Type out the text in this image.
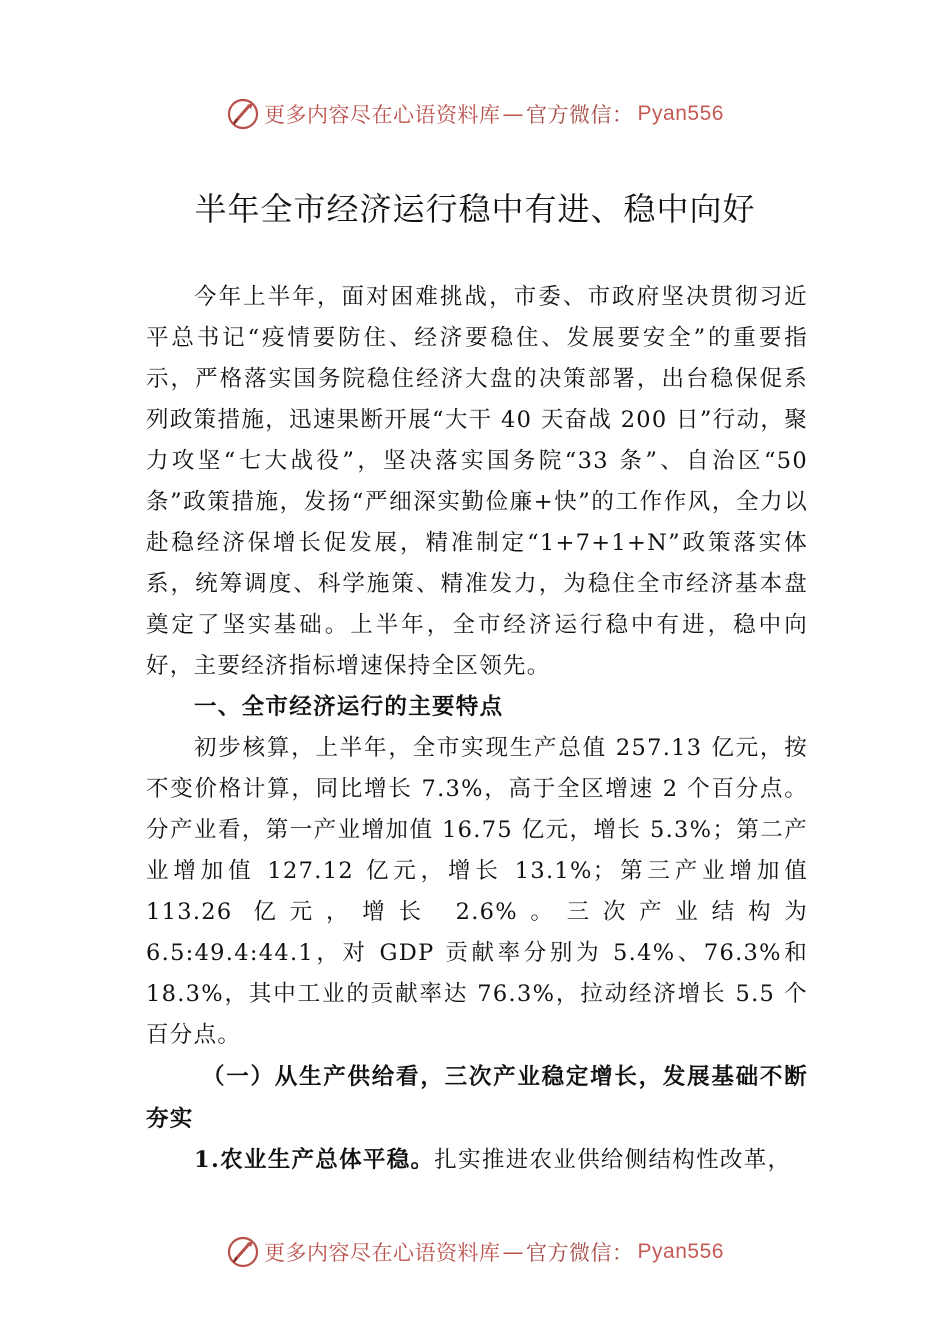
更多内容尽在心语资料库 — 官方微信： Pyan556
半年全市经济运行稳中有进、稳中向好

今年上半年，面对困难挑战，市委、市政府坚决贯彻习近平总书记“疫情要防住、经济要稳住、发展要安全”的重要指示，严格落实国务院稳住经济大盘的决策部署，出台稳保促系列政策措施，迅速果断开展“大干 40 天奋战 200 日”行动，聚力攻坚“七大战役”，坚决落实国务院“33 条”、自治区“50 条”政策措施，发扬“严细深实勤俭廉+快”的工作作风，全力以赴稳经济保增长促发展，精准制定“1+7+1+N”政策落实体系，统筹调度、科学施策、精准发力，为稳住全市经济基本盘奠定了坚实基础。上半年，全市经济运行稳中有进，稳中向好，主要经济指标增速保持全区领先。

一、全市经济运行的主要特点

初步核算，上半年，全市实现生产总值 257.13 亿元，按不变价格计算，同比增长 7.3%，高于全区增速 2 个百分点。分产业看，第一产业增加值 16.75 亿元，增长 5.3%；第二产业增加值 127.12 亿元，增长 13.1%；第三产业增加值 113.26 亿元，增长 2.6%。三次产业结构为 6.5:49.4:44.1，对 GDP 贡献率分别为 5.4%、76.3%和 18.3%，其中工业的贡献率达 76.3%，拉动经济增长 5.5 个百分点。

（一）从生产供给看，三次产业稳定增长，发展基础不断夯实

1.农业生产总体平稳。扎实推进农业供给侧结构性改革，

更多内容尽在心语资料库 — 官方微信： Pyan556
